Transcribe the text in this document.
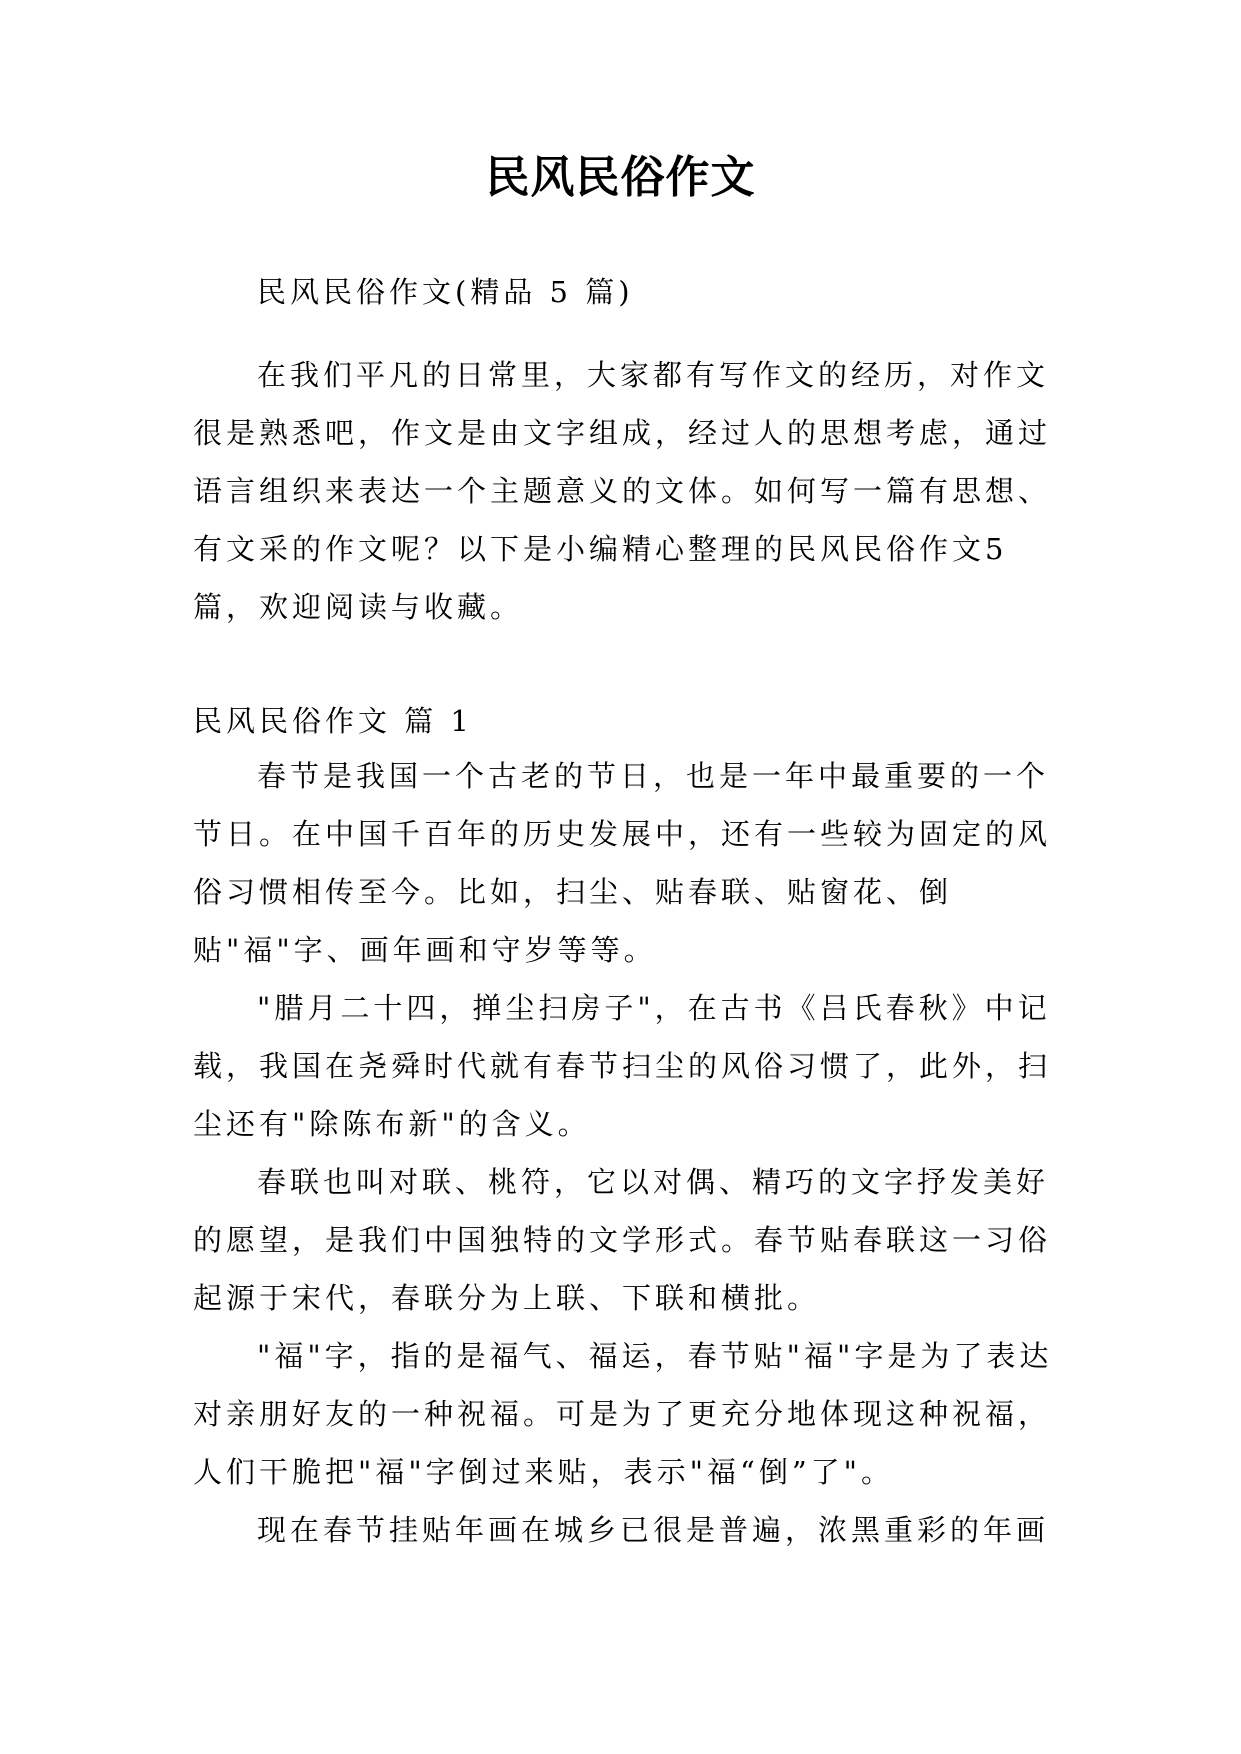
民风民俗作文
民风民俗作文(精品 5 篇)

在我们平凡的日常里，大家都有写作文的经历，对作文很是熟悉吧，作文是由文字组成，经过人的思想考虑，通过语言组织来表达一个主题意义的文体。如何写一篇有思想、有文采的作文呢？以下是小编精心整理的民风民俗作文5篇，欢迎阅读与收藏。

民风民俗作文 篇 1

春节是我国一个古老的节日，也是一年中最重要的一个节日。在中国千百年的历史发展中，还有一些较为固定的风俗习惯相传至今。比如，扫尘、贴春联、贴窗花、倒贴"福"字、画年画和守岁等等。

"腊月二十四，掸尘扫房子"，在古书《吕氏春秋》中记载，我国在尧舜时代就有春节扫尘的风俗习惯了，此外，扫尘还有"除陈布新"的含义。

春联也叫对联、桃符，它以对偶、精巧的文字抒发美好的愿望，是我们中国独特的文学形式。春节贴春联这一习俗起源于宋代，春联分为上联、下联和横批。

"福"字，指的是福气、福运，春节贴"福"字是为了表达对亲朋好友的一种祝福。可是为了更充分地体现这种祝福，人们干脆把"福"字倒过来贴，表示"福“倒”了"。

现在春节挂贴年画在城乡已很是普遍，浓黑重彩的年画
